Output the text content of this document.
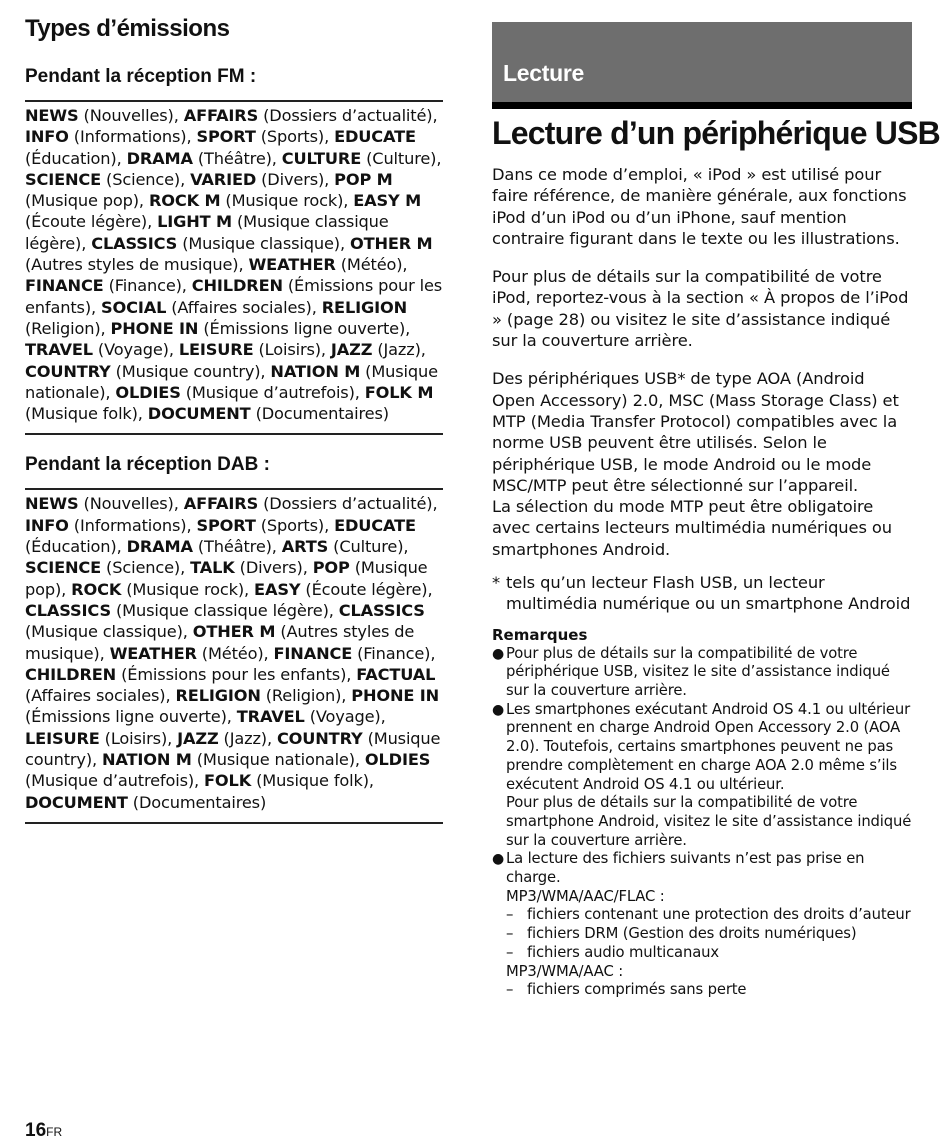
Types d’émissions
Pendant la réception FM :

NEWS (Nouvelles), AFFAIRS (Dossiers d’actualité), INFO (Informations), SPORT (Sports), EDUCATE (Éducation), DRAMA (Théâtre), CULTURE (Culture), SCIENCE (Science), VARIED (Divers), POP M (Musique pop), ROCK M (Musique rock), EASY M (Écoute légère), LIGHT M (Musique classique légère), CLASSICS (Musique classique), OTHER M (Autres styles de musique), WEATHER (Météo), FINANCE (Finance), CHILDREN (Émissions pour les enfants), SOCIAL (Affaires sociales), RELIGION (Religion), PHONE IN (Émissions ligne ouverte), TRAVEL (Voyage), LEISURE (Loisirs), JAZZ (Jazz), COUNTRY (Musique country), NATION M (Musique nationale), OLDIES (Musique d’autrefois), FOLK M (Musique folk), DOCUMENT (Documentaires)

Pendant la réception DAB :

NEWS (Nouvelles), AFFAIRS (Dossiers d’actualité), INFO (Informations), SPORT (Sports), EDUCATE (Éducation), DRAMA (Théâtre), ARTS (Culture), SCIENCE (Science), TALK (Divers), POP (Musique pop), ROCK (Musique rock), EASY (Écoute légère), CLASSICS (Musique classique légère), CLASSICS (Musique classique), OTHER M (Autres styles de musique), WEATHER (Météo), FINANCE (Finance), CHILDREN (Émissions pour les enfants), FACTUAL (Affaires sociales), RELIGION (Religion), PHONE IN (Émissions ligne ouverte), TRAVEL (Voyage), LEISURE (Loisirs), JAZZ (Jazz), COUNTRY (Musique country), NATION M (Musique nationale), OLDIES (Musique d’autrefois), FOLK (Musique folk), DOCUMENT (Documentaires)

Lecture
Lecture d’un périphérique USB

Dans ce mode d’emploi, « iPod » est utilisé pour faire référence, de manière générale, aux fonctions iPod d’un iPod ou d’un iPhone, sauf mention contraire figurant dans le texte ou les illustrations.

Pour plus de détails sur la compatibilité de votre iPod, reportez-vous à la section « À propos de l’iPod » (page 28) ou visitez le site d’assistance indiqué sur la couverture arrière.

Des périphériques USB* de type AOA (Android Open Accessory) 2.0, MSC (Mass Storage Class) et MTP (Media Transfer Protocol) compatibles avec la norme USB peuvent être utilisés. Selon le périphérique USB, le mode Android ou le mode MSC/MTP peut être sélectionné sur l’appareil.

La sélection du mode MTP peut être obligatoire avec certains lecteurs multimédia numériques ou smartphones Android.

* tels qu’un lecteur Flash USB, un lecteur multimédia numérique ou un smartphone Android

Remarques

● Pour plus de détails sur la compatibilité de votre périphérique USB, visitez le site d’assistance indiqué sur la couverture arrière.

● Les smartphones exécutant Android OS 4.1 ou ultérieur prennent en charge Android Open Accessory 2.0 (AOA 2.0). Toutefois, certains smartphones peuvent ne pas prendre complètement en charge AOA 2.0 même s’ils exécutent Android OS 4.1 ou ultérieur.

Pour plus de détails sur la compatibilité de votre smartphone Android, visitez le site d’assistance indiqué sur la couverture arrière.

● La lecture des fichiers suivants n’est pas prise en charge.

MP3/WMA/AAC/FLAC :

– fichiers contenant une protection des droits d’auteur
– fichiers DRM (Gestion des droits numériques)
– fichiers audio multicanaux

MP3/WMA/AAC :

– fichiers comprimés sans perte
16FR
